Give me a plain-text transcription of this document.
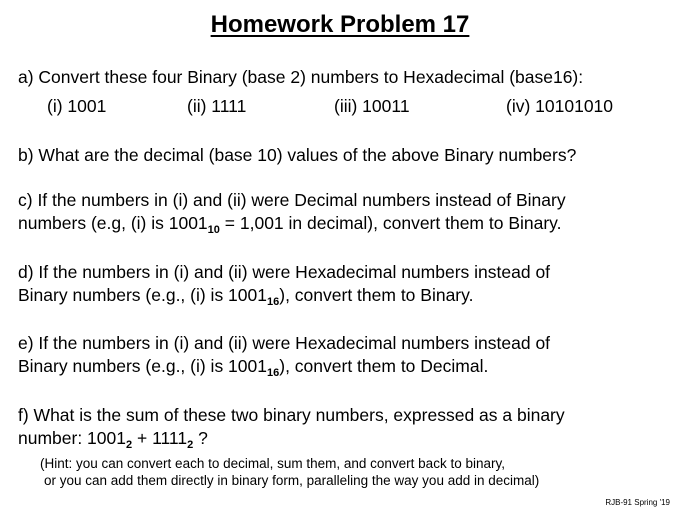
Homework Problem 17
a) Convert these four Binary (base 2) numbers to Hexadecimal (base16):
(i) 1001	(ii) 1111	(iii) 10011	(iv) 10101010
b) What are the decimal (base 10) values of the above Binary numbers?
c) If the numbers in (i) and (ii) were Decimal numbers instead of Binary
numbers (e.g, (i) is $1001_{10} = 1,001$ in decimal), convert them to Binary.
d) If the numbers in (i) and (ii) were Hexadecimal numbers instead of
Binary numbers (e.g., (i) is $1001_{16}$), convert them to Binary.
e) If the numbers in (i) and (ii) were Hexadecimal numbers instead of
Binary numbers (e.g., (i) is $1001_{16}$), convert them to Decimal.
f) What is the sum of these two binary numbers, expressed as a binary
number: $1001_2 + 1111_2$ ?
(Hint: you can convert each to decimal, sum them, and convert back to binary,
or you can add them directly in binary form, paralleling the way you add in decimal)
RJB-91 Spring '19
